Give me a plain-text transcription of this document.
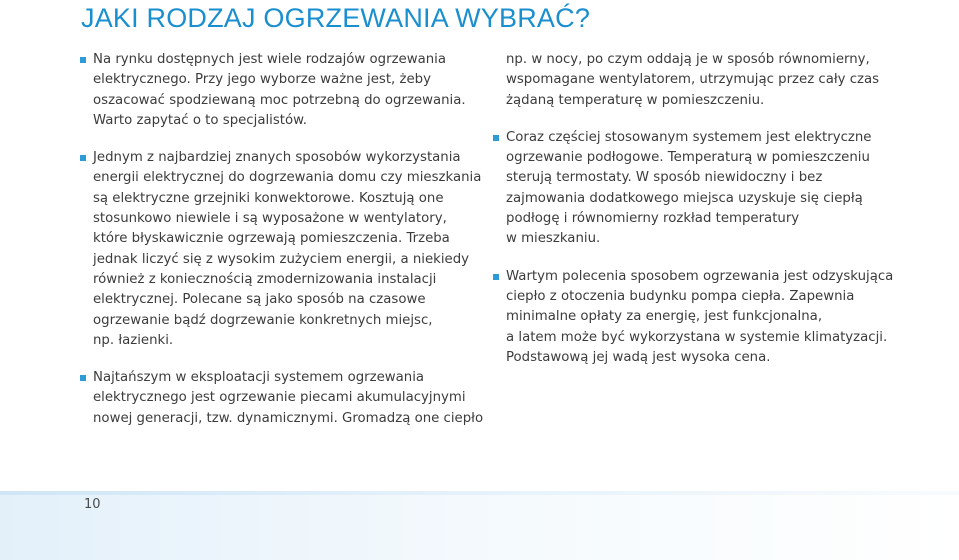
JAKI RODZAJ OGRZEWANIA WYBRAĆ?

Na rynku dostępnych jest wiele rodzajów ogrzewania
elektrycznego. Przy jego wyborze ważne jest, żeby
oszacować spodziewaną moc potrzebną do ogrzewania.
Warto zapytać o to specjalistów.

Jednym z najbardziej znanych sposobów wykorzystania
energii elektrycznej do dogrzewania domu czy mieszkania
są elektryczne grzejniki konwektorowe. Kosztują one
stosunkowo niewiele i są wyposażone w wentylatory,
które błyskawicznie ogrzewają pomieszczenia. Trzeba
jednak liczyć się z wysokim zużyciem energii, a niekiedy
również z koniecznością zmodernizowania instalacji
elektrycznej. Polecane są jako sposób na czasowe
ogrzewanie bądź dogrzewanie konkretnych miejsc,
np. łazienki.

Najtańszym w eksploatacji systemem ogrzewania
elektrycznego jest ogrzewanie piecami akumulacyjnymi
nowej generacji, tzw. dynamicznymi. Gromadzą one ciepło

np. w nocy, po czym oddają je w sposób równomierny,
wspomagane wentylatorem, utrzymując przez cały czas
żądaną temperaturę w pomieszczeniu.

Coraz częściej stosowanym systemem jest elektryczne
ogrzewanie podłogowe. Temperaturą w pomieszczeniu
sterują termostaty. W sposób niewidoczny i bez
zajmowania dodatkowego miejsca uzyskuje się ciepłą
podłogę i równomierny rozkład temperatury
w mieszkaniu.

Wartym polecenia sposobem ogrzewania jest odzyskująca
ciepło z otoczenia budynku pompa ciepła. Zapewnia
minimalne opłaty za energię, jest funkcjonalna,
a latem może być wykorzystana w systemie klimatyzacji.
Podstawową jej wadą jest wysoka cena.

10
